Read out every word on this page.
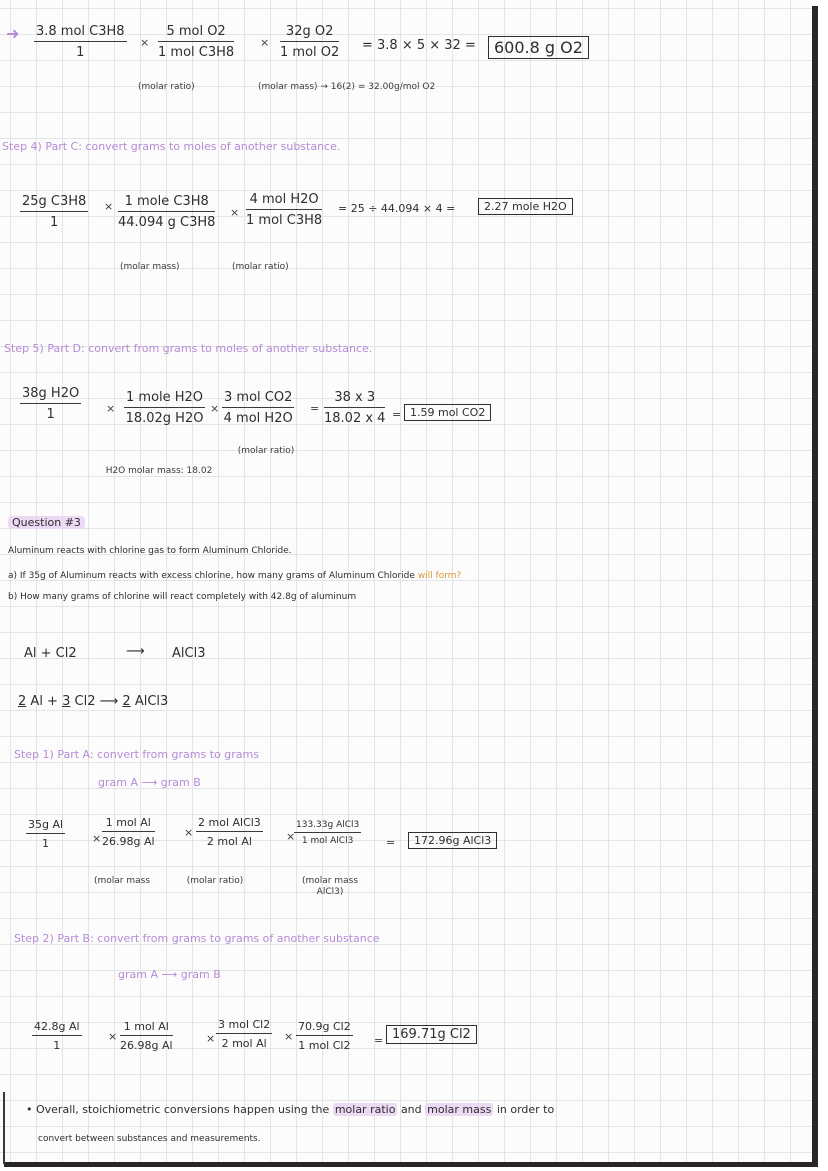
➜ 3.8 mol C3H8
1
×
5 mol O2
1 mol C3H8
×
32g O2
1 mol O2 = 3.8 × 5 × 32 =	600.8 g O2
(molar ratio)	(molar mass) → 16(2) = 32.00g/mol O2
Step 4) Part C: convert grams to moles of another substance.
$\frac{\text{25g C3H8}}{1} \times 1$ mole C3H8
44.094 g C3H8
×
4 mol H2O
1 mol C3H8
= 25 ÷ 44.094 × 4 =	2.27 mole H2O
(molar mass)	(molar ratio)
Step 5) Part D: convert from grams to moles of another substance.
$\frac{\text{38g H2O}}{1}$ ×
1 mole H2O
18.02g H2O
×
3 mol CO2
4 mol H2O
= $\frac{38 x 3}{18.02 x 4} = 1.59$ mol CO2
H2O molar mass: 18.02
(molar ratio)
Question #3
Aluminum reacts with chlorine gas to form Aluminum Chloride.
a) If 35g of Aluminum reacts with excess chlorine, how many grams of Aluminum Chloride will form?
b) How many grams of chlorine will react completely with 42.8g of aluminum
Al + Cl2	⟶ AlCl3
2 Al + 3 Cl2 ⟶ 2 AlCl3
Step 1) Part A: convert from grams to grams
gram A ⟶ gram B
$\frac{\text{35g Al}}{1}$ ×
1 mol Al
26.98g Al
×
2 mol AlCl3
2 mol Al	×
133.33g AlCl3
1 mol AlCl3	=	172.96g AlCl3
(molar mass	(molar ratio)	(molar mass AlCl3)
Step 2) Part B: convert from grams to grams of another substance
gram A ⟶ gram B
$\frac{\text{42.8g Al}}{1}$ ×
1 mol Al
26.98g Al
×
3 mol Cl2
2 mol Al
×
70.9g Cl2
1 mol Cl2 = 169.71g Cl2
• Overall, stoichiometric conversions happen using the molar ratio and molar mass in order to
convert between substances and measurements.
